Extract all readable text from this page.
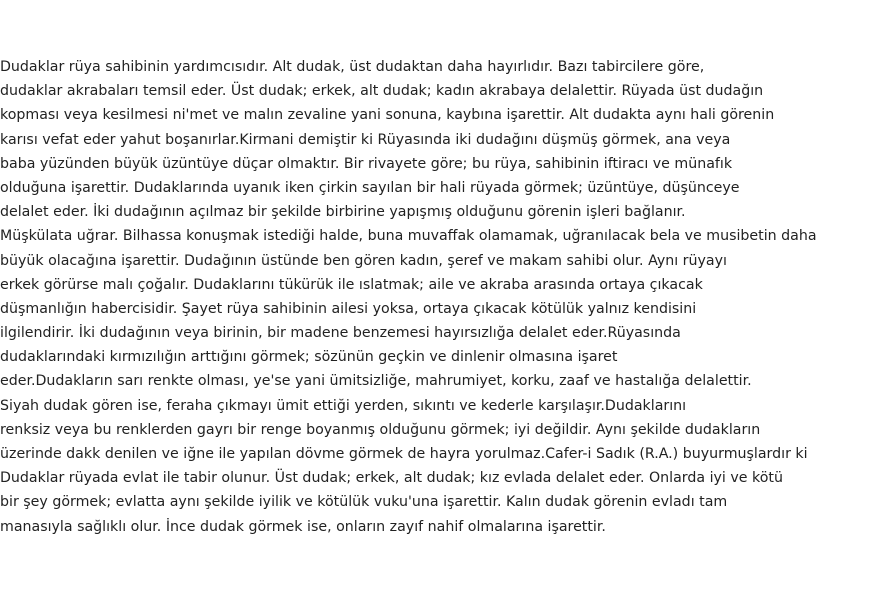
Dudaklar rüya sahibinin yardımcısıdır. Alt dudak, üst dudaktan daha hayırlıdır. Bazı tabircilere göre,
dudaklar akrabaları temsil eder. Üst dudak; erkek, alt dudak; kadın akrabaya delalettir. Rüyada üst dudağın
kopması veya kesilmesi ni'met ve malın zevaline yani sonuna, kaybına işarettir. Alt dudakta aynı hali görenin
karısı vefat eder yahut boşanırlar.Kirmani demiştir ki Rüyasında iki dudağını düşmüş görmek, ana veya
baba yüzünden büyük üzüntüye düçar olmaktır. Bir rivayete göre; bu rüya, sahibinin iftiracı ve münafık
olduğuna işarettir. Dudaklarında uyanık iken çirkin sayılan bir hali rüyada görmek; üzüntüye, düşünceye
delalet eder. İki dudağının açılmaz bir şekilde birbirine yapışmış olduğunu görenin işleri bağlanır.
Müşkülata uğrar. Bilhassa konuşmak istediği halde, buna muvaffak olamamak, uğranılacak bela ve musibetin daha
büyük olacağına işarettir. Dudağının üstünde ben gören kadın, şeref ve makam sahibi olur. Aynı rüyayı
erkek görürse malı çoğalır. Dudaklarını tükürük ile ıslatmak; aile ve akraba arasında ortaya çıkacak
düşmanlığın habercisidir. Şayet rüya sahibinin ailesi yoksa, ortaya çıkacak kötülük yalnız kendisini
ilgilendirir. İki dudağının veya birinin, bir madene benzemesi hayırsızlığa delalet eder.Rüyasında
dudaklarındaki kırmızılığın arttığını görmek; sözünün geçkin ve dinlenir olmasına işaret
eder.Dudakların sarı renkte olması, ye'se yani ümitsizliğe, mahrumiyet, korku, zaaf ve hastalığa delalettir.
Siyah dudak gören ise, feraha çıkmayı ümit ettiği yerden, sıkıntı ve kederle karşılaşır.Dudaklarını
renksiz veya bu renklerden gayrı bir renge boyanmış olduğunu görmek; iyi değildir. Aynı şekilde dudakların
üzerinde dakk denilen ve iğne ile yapılan dövme görmek de hayra yorulmaz.Cafer-i Sadık (R.A.) buyurmuşlardır ki
Dudaklar rüyada evlat ile tabir olunur. Üst dudak; erkek, alt dudak; kız evlada delalet eder. Onlarda iyi ve kötü
bir şey görmek; evlatta aynı şekilde iyilik ve kötülük vuku'una işarettir. Kalın dudak görenin evladı tam
manasıyla sağlıklı olur. İnce dudak görmek ise, onların zayıf nahif olmalarına işarettir.
